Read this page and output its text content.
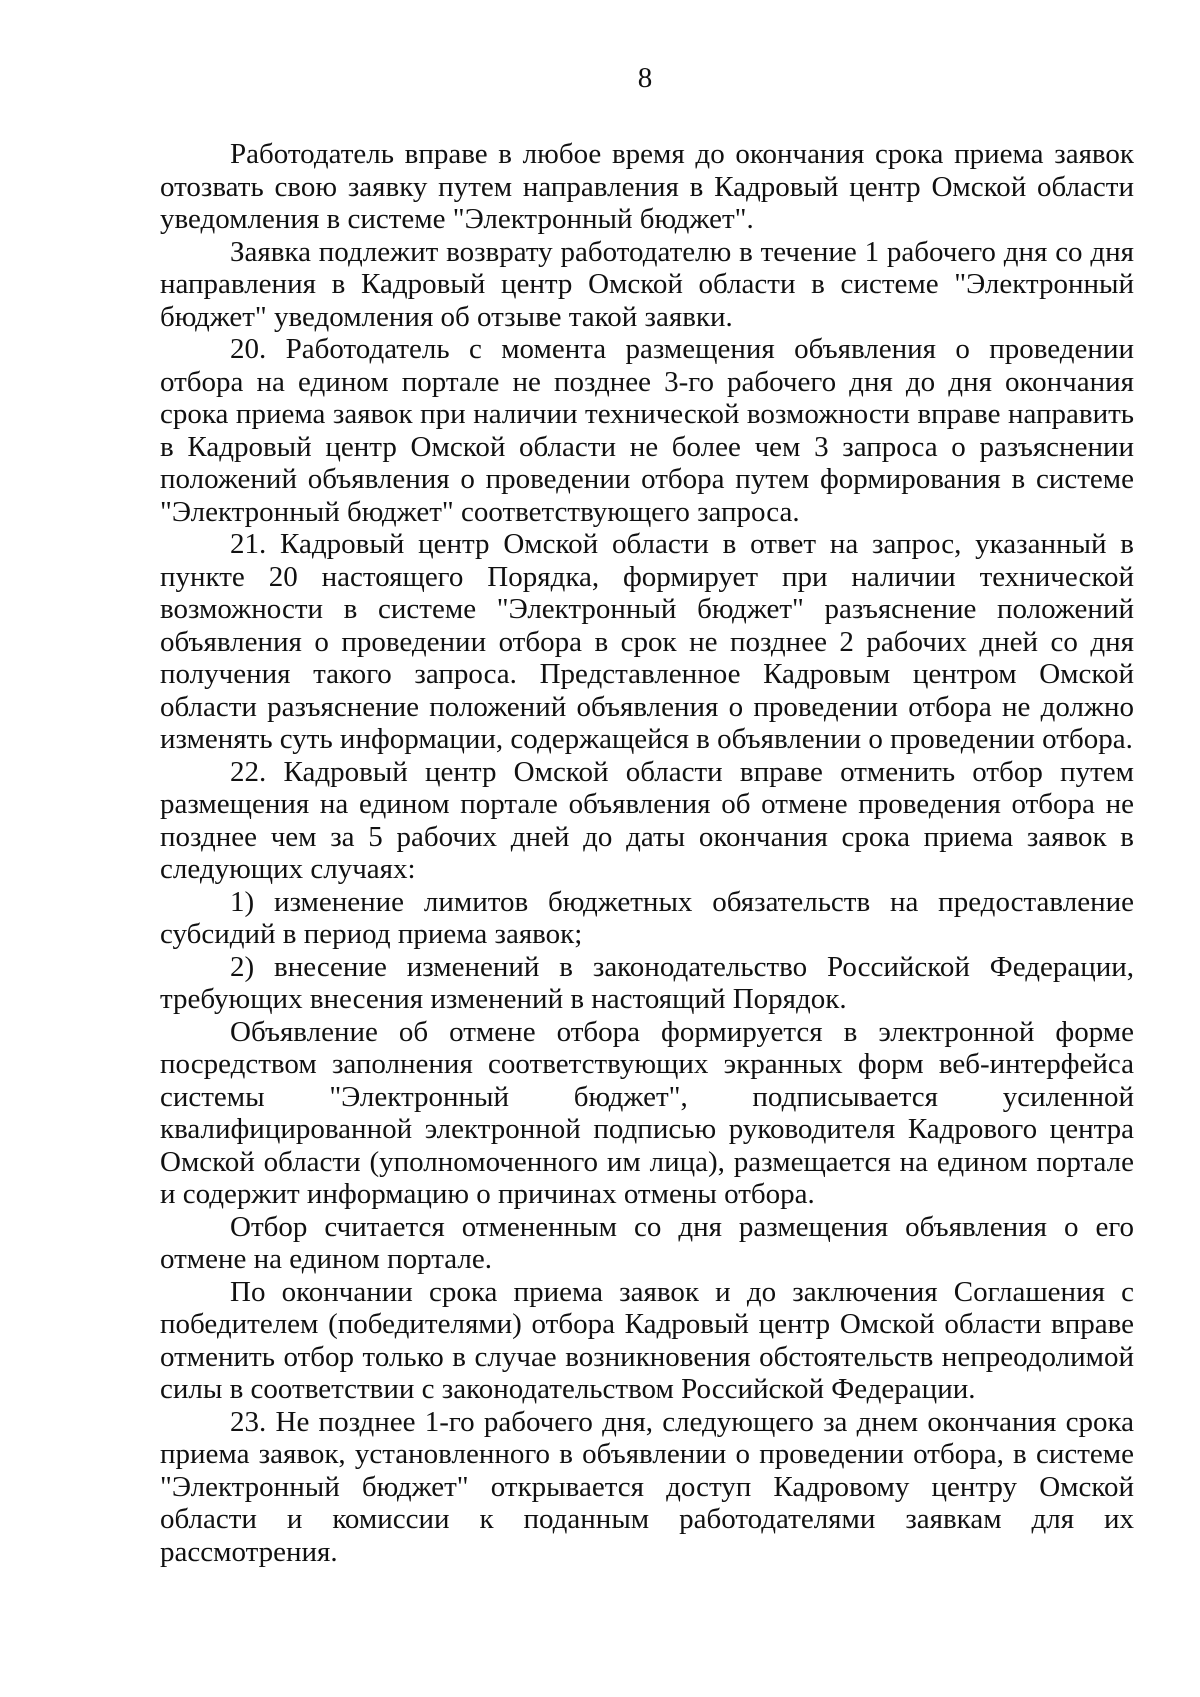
8

Работодатель вправе в любое время до окончания срока приема заявок отозвать свою заявку путем направления в Кадровый центр Омской области уведомления в системе "Электронный бюджет".

Заявка подлежит возврату работодателю в течение 1 рабочего дня со дня направления в Кадровый центр Омской области в системе "Электронный бюджет" уведомления об отзыве такой заявки.

20. Работодатель с момента размещения объявления о проведении отбора на едином портале не позднее 3-го рабочего дня до дня окончания срока приема заявок при наличии технической возможности вправе направить в Кадровый центр Омской области не более чем 3 запроса о разъяснении положений объявления о проведении отбора путем формирования в системе "Электронный бюджет" соответствующего запроса.

21. Кадровый центр Омской области в ответ на запрос, указанный в пункте 20 настоящего Порядка, формирует при наличии технической возможности в системе "Электронный бюджет" разъяснение положений объявления о проведении отбора в срок не позднее 2 рабочих дней со дня получения такого запроса. Представленное Кадровым центром Омской области разъяснение положений объявления о проведении отбора не должно изменять суть информации, содержащейся в объявлении о проведении отбора.

22. Кадровый центр Омской области вправе отменить отбор путем размещения на едином портале объявления об отмене проведения отбора не позднее чем за 5 рабочих дней до даты окончания срока приема заявок в следующих случаях:

1) изменение лимитов бюджетных обязательств на предоставление субсидий в период приема заявок;

2) внесение изменений в законодательство Российской Федерации, требующих внесения изменений в настоящий Порядок.

Объявление об отмене отбора формируется в электронной форме посредством заполнения соответствующих экранных форм веб-интерфейса системы "Электронный бюджет", подписывается усиленной квалифицированной электронной подписью руководителя Кадрового центра Омской области (уполномоченного им лица), размещается на едином портале и содержит информацию о причинах отмены отбора.

Отбор считается отмененным со дня размещения объявления о его отмене на едином портале.

По окончании срока приема заявок и до заключения Соглашения с победителем (победителями) отбора Кадровый центр Омской области вправе отменить отбор только в случае возникновения обстоятельств непреодолимой силы в соответствии с законодательством Российской Федерации.

23. Не позднее 1-го рабочего дня, следующего за днем окончания срока приема заявок, установленного в объявлении о проведении отбора, в системе "Электронный бюджет" открывается доступ Кадровому центру Омской области и комиссии к поданным работодателями заявкам для их рассмотрения.
